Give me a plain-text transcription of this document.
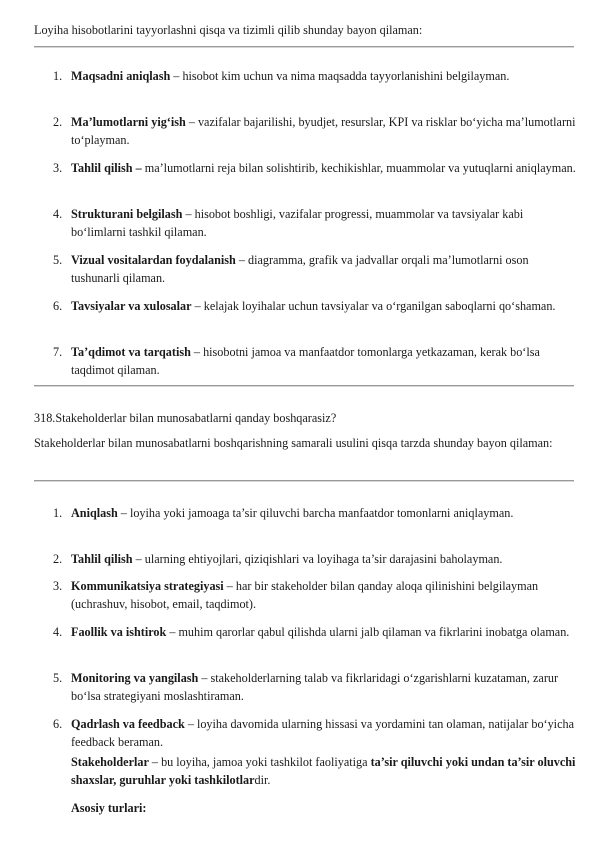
Loyiha hisobotlarini tayyorlashni qisqa va tizimli qilib shunday bayon qilaman:

1. Maqsadni aniqlash – hisobot kim uchun va nima maqsadda tayyorlanishini belgilayman.
2. Ma’lumotlarni yig‘ish – vazifalar bajarilishi, byudjet, resurslar, KPI va risklar bo‘yicha ma’lumotlarni to‘playman.
3. Tahlil qilish – ma’lumotlarni reja bilan solishtirib, kechikishlar, muammolar va yutuqlarni aniqlayman.
4. Strukturani belgilash – hisobot boshligi, vazifalar progressi, muammolar va tavsiyalar kabi bo‘limlarni tashkil qilaman.
5. Vizual vositalardan foydalanish – diagramma, grafik va jadvallar orqali ma’lumotlarni oson tushunarli qilaman.
6. Tavsiyalar va xulosalar – kelajak loyihalar uchun tavsiyalar va o‘rganilgan saboqlarni qo‘shaman.
7. Ta’qdimot va tarqatish – hisobotni jamoa va manfaatdor tomonlarga yetkazaman, kerak bo‘lsa taqdimot qilaman.

318.Stakeholderlar bilan munosabatlarni qanday boshqarasiz?

Stakeholderlar bilan munosabatlarni boshqarishning samarali usulini qisqa tarzda shunday bayon qilaman:

1. Aniqlash – loyiha yoki jamoaga ta’sir qiluvchi barcha manfaatdor tomonlarni aniqlayman.
2. Tahlil qilish – ularning ehtiyojlari, qiziqishlari va loyihaga ta’sir darajasini baholayman.
3. Kommunikatsiya strategiyasi – har bir stakeholder bilan qanday aloqa qilinishini belgilayman (uchrashuv, hisobot, email, taqdimot).
4. Faollik va ishtirok – muhim qarorlar qabul qilishda ularni jalb qilaman va fikrlarini inobatga olaman.
5. Monitoring va yangilash – stakeholderlarning talab va fikrlaridagi o‘zgarishlarni kuzataman, zarur bo‘lsa strategiyani moslashtiraman.
6. Qadrlash va feedback – loyiha davomida ularning hissasi va yordamini tan olaman, natijalar bo‘yicha feedback beraman.

Stakeholderlar – bu loyiha, jamoa yoki tashkilot faoliyatiga ta’sir qiluvchi yoki undan ta’sir oluvchi shaxslar, guruhlar yoki tashkilotlardir.

Asosiy turlari:
